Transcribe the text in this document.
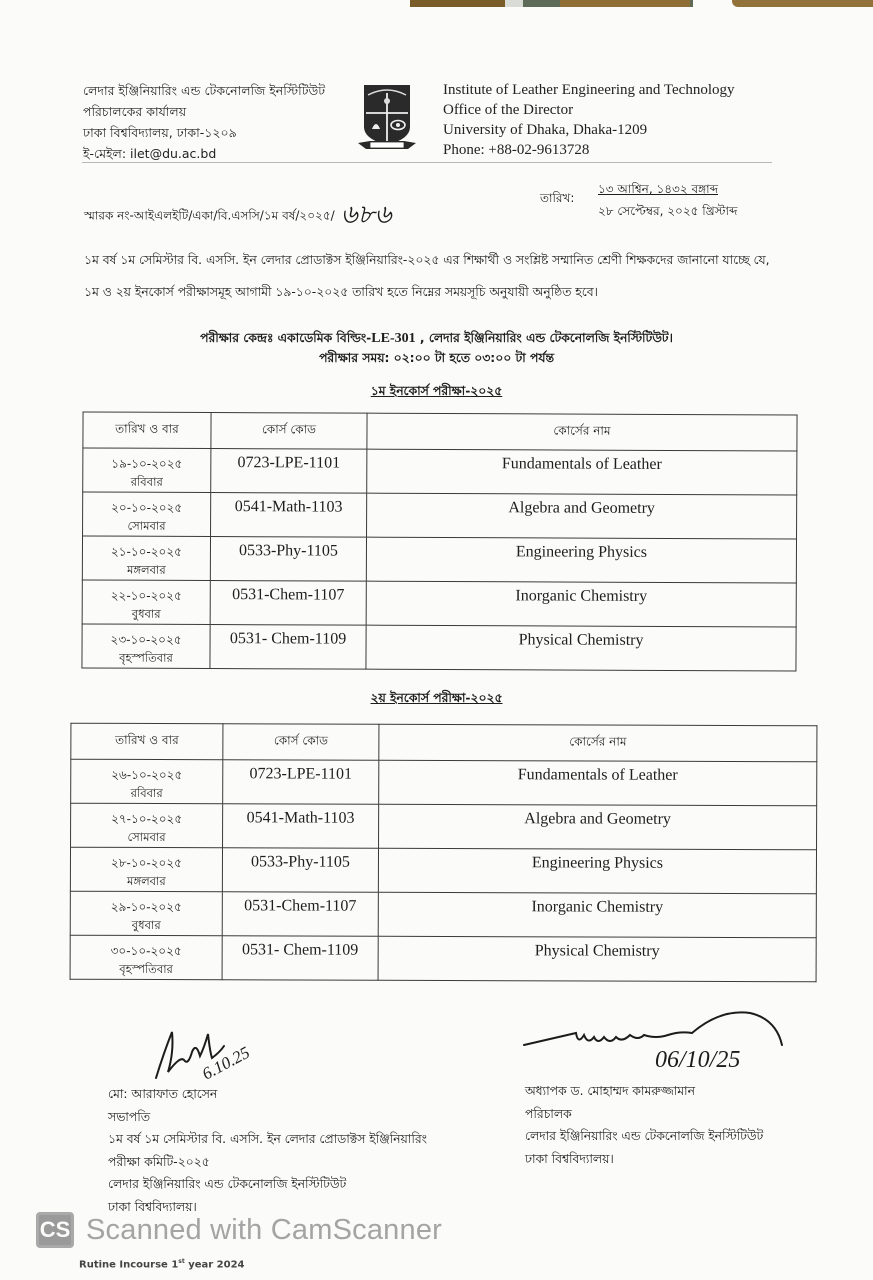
লেদার ইঞ্জিনিয়ারিং এন্ড টেকনোলজি ইনস্টিটিউট
পরিচালকের কার্যালয়
ঢাকা বিশ্ববিদ্যালয়, ঢাকা-১২০৯
ই-মেইল: ilet@du.ac.bd
Institute of Leather Engineering and Technology
Office of the Director
University of Dhaka, Dhaka-1209
Phone: +88-02-9613728
স্মারক নং-আইএলইটি/একা/বি.এসসি/১ম বর্ষ/২০২৫/ ৬৮৬
তারিখ:
১৩ আশ্বিন, ১৪৩২ বঙ্গাব্দ
২৮ সেপ্টেম্বর, ২০২৫ খ্রিস্টাব্দ
১ম বর্ষ ১ম সেমিস্টার বি. এসসি. ইন লেদার প্রোডাক্টস ইঞ্জিনিয়ারিং-২০২৫ এর শিক্ষার্থী ও সংশ্লিষ্ট সম্মানিত শ্রেণী শিক্ষকদের জানানো যাচ্ছে যে, ১ম ও ২য় ইনকোর্স পরীক্ষাসমূহ আগামী ১৯-১০-২০২৫ তারিখ হতে নিম্নের সময়সূচি অনুযায়ী অনুষ্ঠিত হবে।
পরীক্ষার কেন্দ্রঃ একাডেমিক বিল্ডিং-LE-301 , লেদার ইঞ্জিনিয়ারিং এন্ড টেকনোলজি ইনস্টিটিউট।
পরীক্ষার সময়: ০২:০০ টা হতে ০৩:০০ টা পর্যন্ত
১ম ইনকোর্স পরীক্ষা-২০২৫
তারিখ ও বার	কোর্স কোড	কোর্সের নাম
১৯-১০-২০২৫
রবিবার	0723-LPE-1101	Fundamentals of Leather
২০-১০-২০২৫
সোমবার	0541-Math-1103	Algebra and Geometry
২১-১০-২০২৫
মঙ্গলবার	0533-Phy-1105	Engineering Physics
২২-১০-২০২৫
বুধবার	0531-Chem-1107	Inorganic Chemistry
২৩-১০-২০২৫
বৃহস্পতিবার	0531- Chem-1109	Physical Chemistry
২য় ইনকোর্স পরীক্ষা-২০২৫
তারিখ ও বার	কোর্স কোড	কোর্সের নাম
২৬-১০-২০২৫
রবিবার	0723-LPE-1101	Fundamentals of Leather
২৭-১০-২০২৫
সোমবার	0541-Math-1103	Algebra and Geometry
২৮-১০-২০২৫
মঙ্গলবার	0533-Phy-1105	Engineering Physics
২৯-১০-২০২৫
বুধবার	0531-Chem-1107	Inorganic Chemistry
৩০-১০-২০২৫
বৃহস্পতিবার	0531- Chem-1109	Physical Chemistry
6.10.25
মো: আরাফাত হোসেন
সভাপতি
১ম বর্ষ ১ম সেমিস্টার বি. এসসি. ইন লেদার প্রোডাক্টস ইঞ্জিনিয়ারিং
পরীক্ষা কমিটি-২০২৫
লেদার ইঞ্জিনিয়ারিং এন্ড টেকনোলজি ইনস্টিটিউট
ঢাকা বিশ্ববিদ্যালয়।
06/10/25
অধ্যাপক ড. মোহাম্মদ কামরুজ্জামান
পরিচালক
লেদার ইঞ্জিনিয়ারিং এন্ড টেকনোলজি ইনস্টিটিউট
ঢাকা বিশ্ববিদ্যালয়।
CS Scanned with CamScanner
Rutine Incourse 1st year 2024
